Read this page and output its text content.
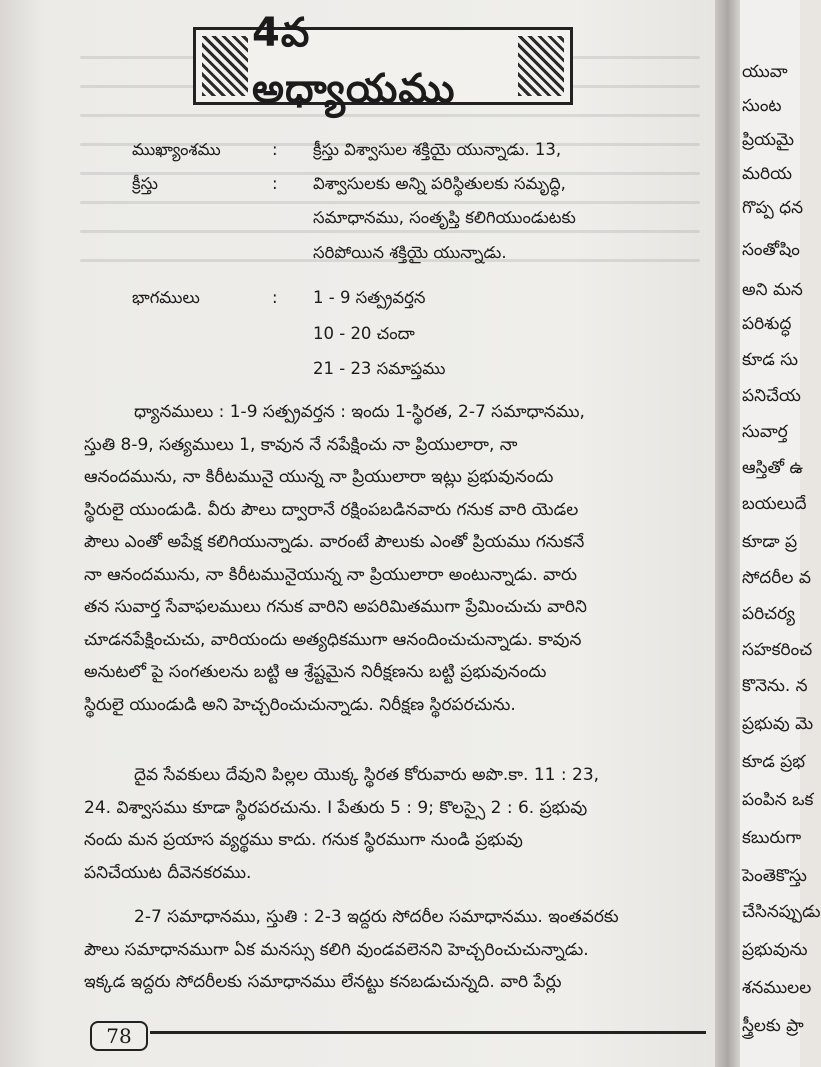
4వ అధ్యాయము
ముఖ్యాంశము
క్రీస్తు
:
:
క్రీస్తు విశ్వాసుల శక్తియై యున్నాడు. 13,
విశ్వాసులకు అన్ని పరిస్థితులకు సమృద్ధి,
సమాధానము, సంతృప్తి కలిగియుండుటకు
సరిపోయిన శక్తియై యున్నాడు.
భాగములు	: 1 - 9 సత్ప్రవర్తన
10 - 20 చందా
21 - 23 సమాప్తము
ధ్యానములు : 1-9 సత్ప్రవర్తన : ఇందు 1-స్థిరత, 2-7 సమాధానము,
స్తుతి 8-9, సత్యములు 1, కావున నే నపేక్షించు నా ప్రియులారా, నా
ఆనందమును, నా కిరీటమునై యున్న నా ప్రియులారా ఇట్లు ప్రభువునందు
స్థిరులై యుండుడి. వీరు పౌలు ద్వారానే రక్షింపబడినవారు గనుక వారి యెడల
పౌలు ఎంతో అపేక్ష కలిగియున్నాడు. వారంటే పౌలుకు ఎంతో ప్రియము గనుకనే
నా ఆనందమును, నా కిరీటమునైయున్న నా ప్రియులారా అంటున్నాడు. వారు
తన సువార్త సేవాఫలములు గనుక వారిని అపరిమితముగా ప్రేమించుచు వారిని
చూడనపేక్షించుచు, వారియందు అత్యధికముగా ఆనందించుచున్నాడు. కావున
అనుటలో పై సంగతులను బట్టి ఆ శ్రేష్టమైన నిరీక్షణను బట్టి ప్రభువునందు
స్థిరులై యుండుడి అని హెచ్చరించుచున్నాడు. నిరీక్షణ స్థిరపరచును.
దైవ సేవకులు దేవుని పిల్లల యొక్క స్థిరత కోరువారు అపొ.కా. 11 : 23,
24. విశ్వాసము కూడా స్థిరపరచును. I పేతురు 5 : 9; కొలస్సై 2 : 6. ప్రభువు
నందు మన ప్రయాస వ్యర్థము కాదు. గనుక స్థిరముగా నుండి ప్రభువు
పనిచేయుట దీవెనకరము.
2-7 సమాధానము, స్తుతి : 2-3 ఇద్దరు సోదరీల సమాధానము. ఇంతవరకు
పౌలు సమాధానముగా ఏక మనస్సు కలిగి వుండవలెనని హెచ్చరించుచున్నాడు.
ఇక్కడ ఇద్దరు సోదరీలకు సమాధానము లేనట్టు కనబడుచున్నది. వారి పేర్లు
78
యువా
సుంట
ప్రియమై
మరియ
గొప్ప ధన
సంతోషిం
అని మన
పరిశుద్ధ
కూడ సు
పనిచేయ
సువార్త
ఆస్తితో ఉ
బయలుదే
కూడా ప్ర
సోదరీల వ
పరిచర్య
సహకరించ
కొనెను. న
ప్రభువు మె
కూడ ప్రభ
పంపిన ఒక
కబురుగా
పెంతెకొస్తు
చేసినప్పుడు
ప్రభువును
శనములల
స్త్రీలకు ప్రా
